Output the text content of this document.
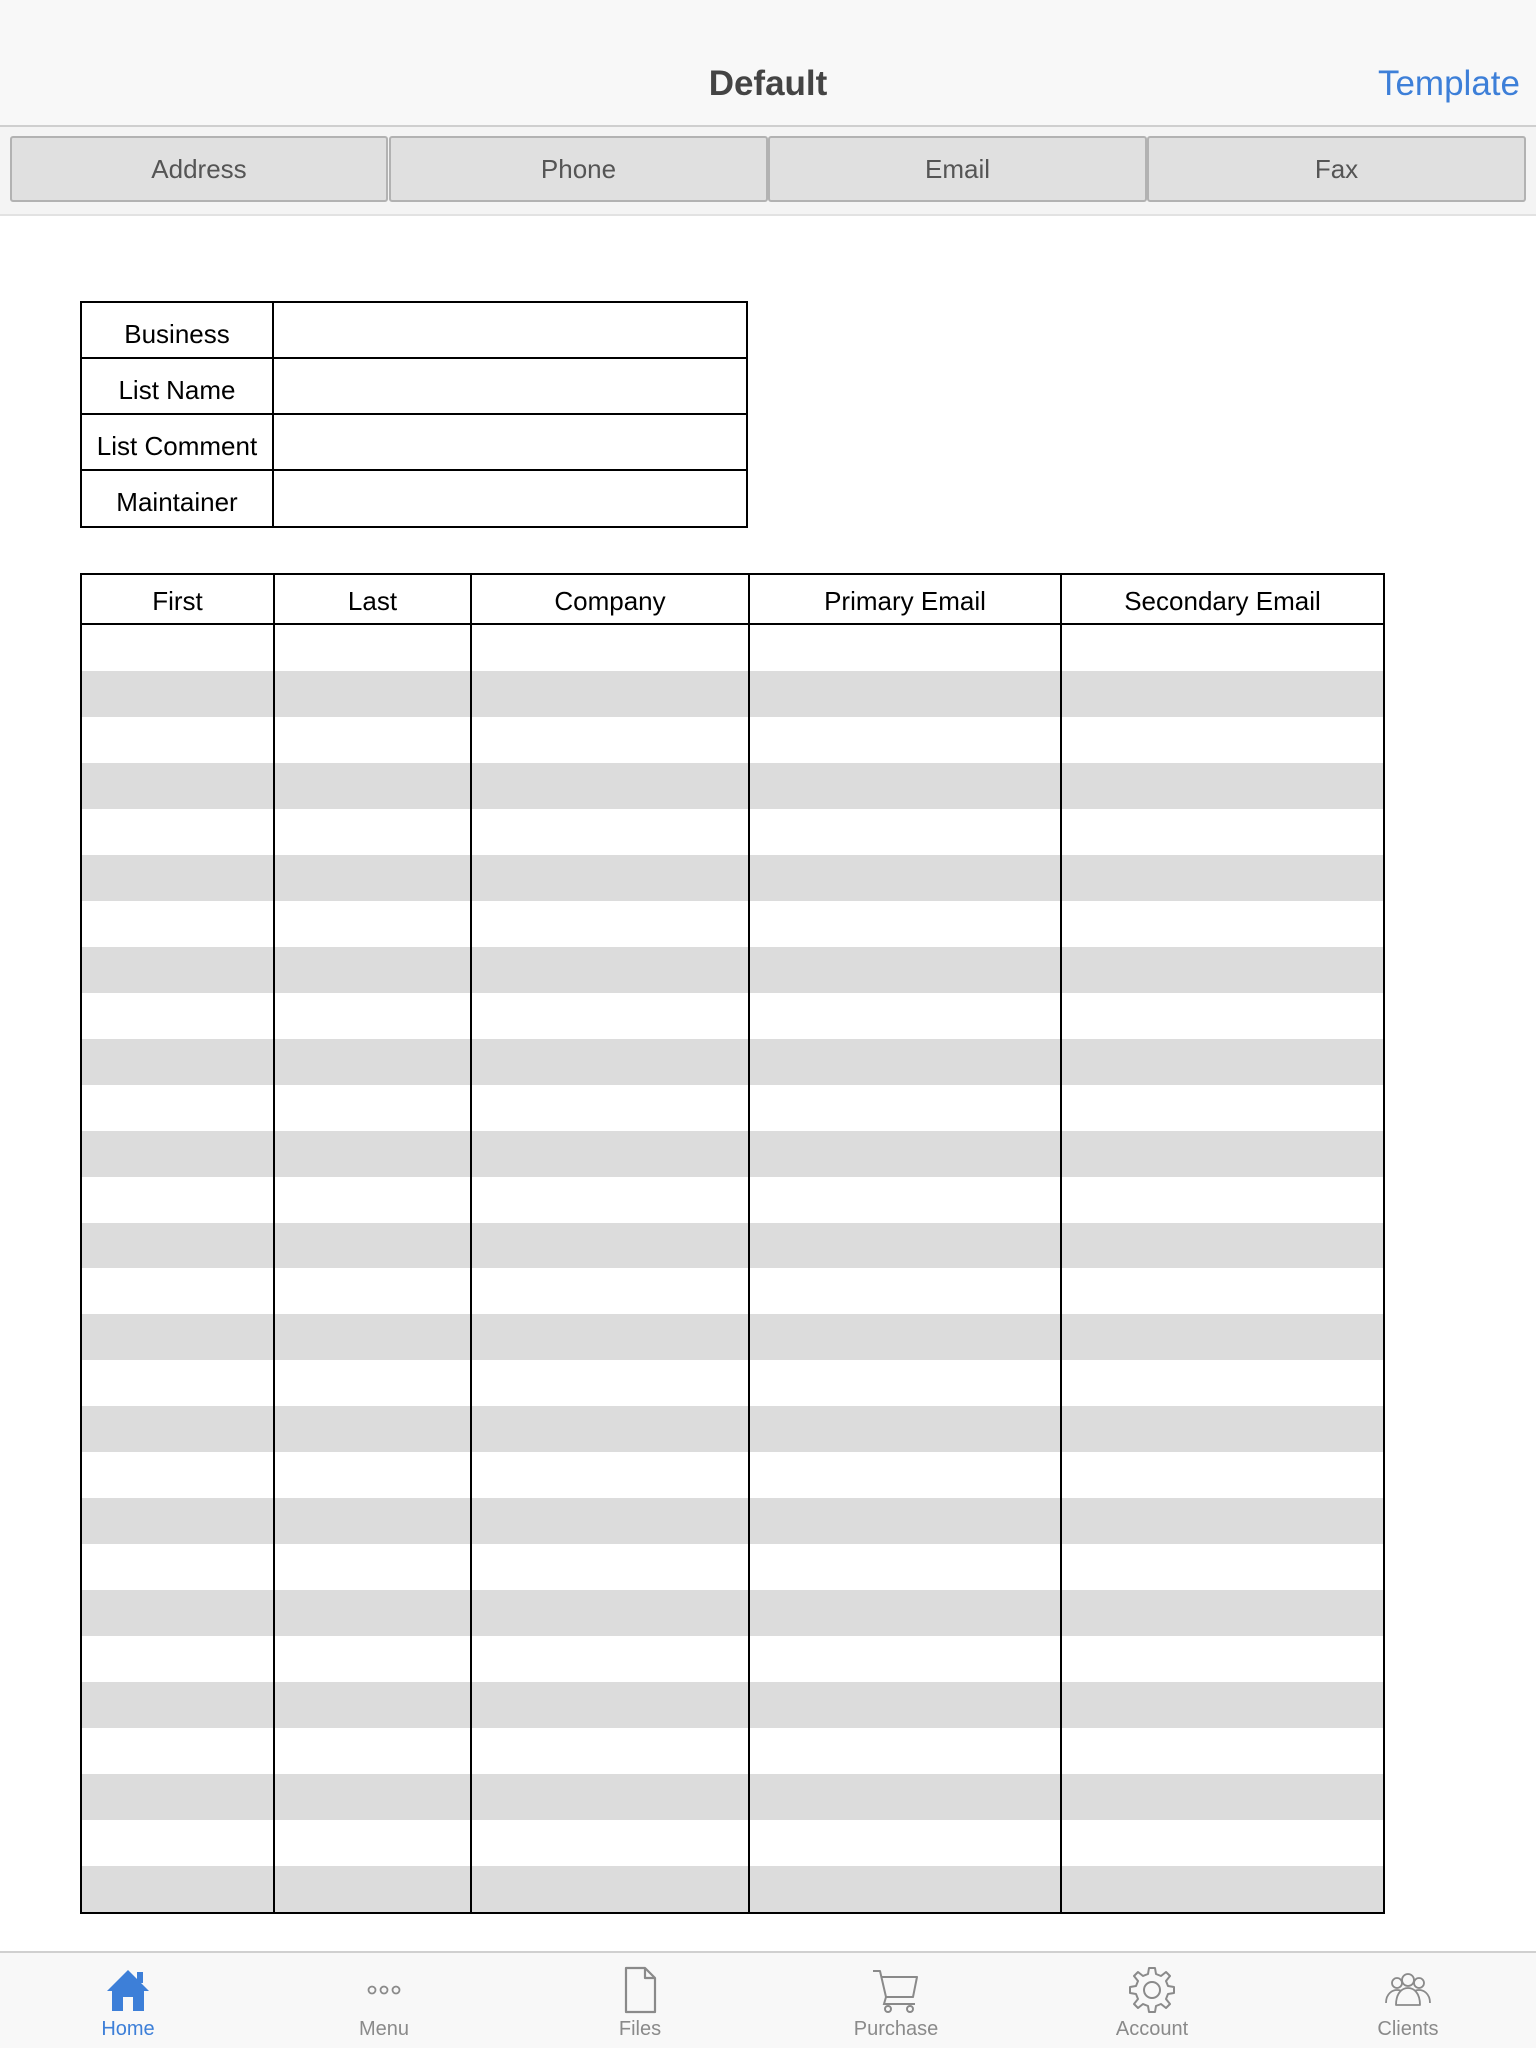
Default	Template
Address	Phone	Email	Fax
Business
List Name
List Comment
Maintainer
First	Last	Company	Primary Email	Secondary Email
Home	Menu	Files	Purchase	Account	Clients
